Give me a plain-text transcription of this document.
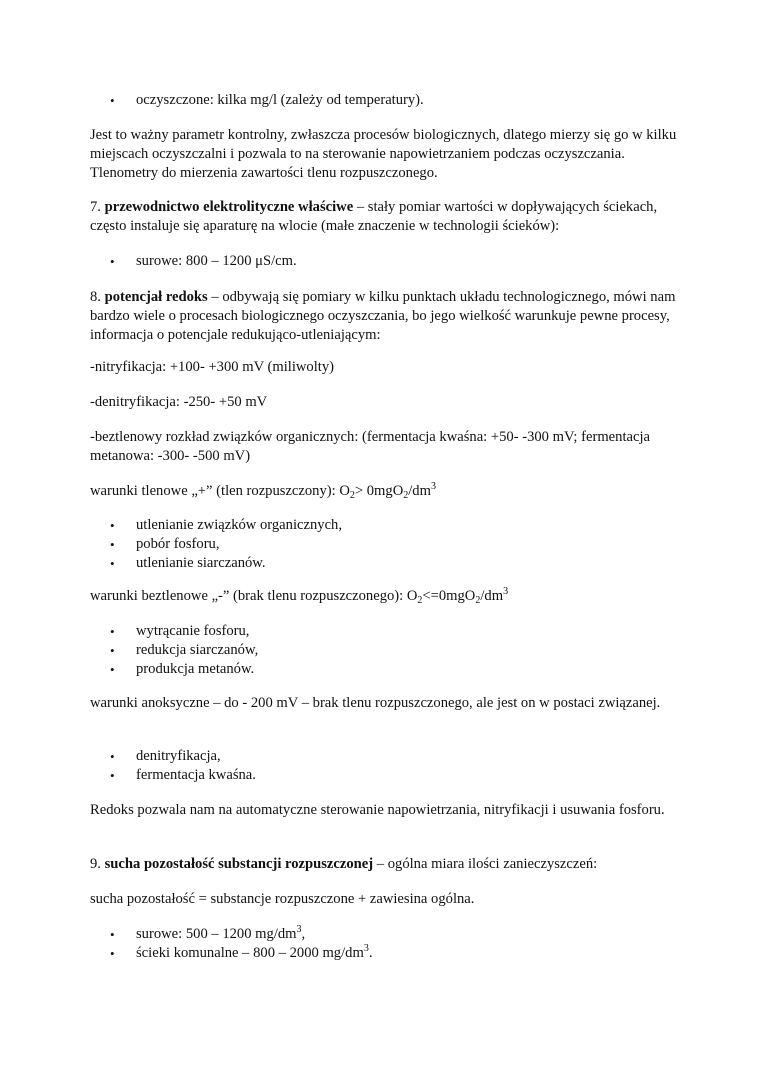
• oczyszczone: kilka mg/l (zależy od temperatury).

Jest to ważny parametr kontrolny, zwłaszcza procesów biologicznych, dlatego mierzy się go w kilku miejscach oczyszczalni i pozwala to na sterowanie napowietrzaniem podczas oczyszczania. Tlenometry do mierzenia zawartości tlenu rozpuszczonego.

7. przewodnictwo elektrolityczne właściwe – stały pomiar wartości w dopływających ściekach, często instaluje się aparaturę na wlocie (małe znaczenie w technologii ścieków):

• surowe: 800 – 1200 μS/cm.

8. potencjał redoks – odbywają się pomiary w kilku punktach układu technologicznego, mówi nam bardzo wiele o procesach biologicznego oczyszczania, bo jego wielkość warunkuje pewne procesy, informacja o potencjale redukująco-utleniającym:

-nitryfikacja: +100- +300 mV (miliwolty)

-denitryfikacja: -250- +50 mV

-beztlenowy rozkład związków organicznych: (fermentacja kwaśna: +50- -300 mV; fermentacja metanowa: -300- -500 mV)

warunki tlenowe „+” (tlen rozpuszczony): $O_2> 0mgO_2/dm^3$

• utlenianie związków organicznych,
• pobór fosforu,
• utlenianie siarczanów.

warunki beztlenowe „-” (brak tlenu rozpuszczonego): $O_2<=0mgO_2/dm^3$

• wytrącanie fosforu,
• redukcja siarczanów,
• produkcja metanów.

warunki anoksyczne – do - 200 mV – brak tlenu rozpuszczonego, ale jest on w postaci związanej.

• denitryfikacja,
• fermentacja kwaśna.

Redoks pozwala nam na automatyczne sterowanie napowietrzania, nitryfikacji i usuwania fosforu.

9. sucha pozostałość substancji rozpuszczonej – ogólna miara ilości zanieczyszczeń:

sucha pozostałość = substancje rozpuszczone + zawiesina ogólna.

• surowe: 500 – 1200 $mg/dm^3$,
• ścieki komunalne – 800 – 2000 $mg/dm^3$.
